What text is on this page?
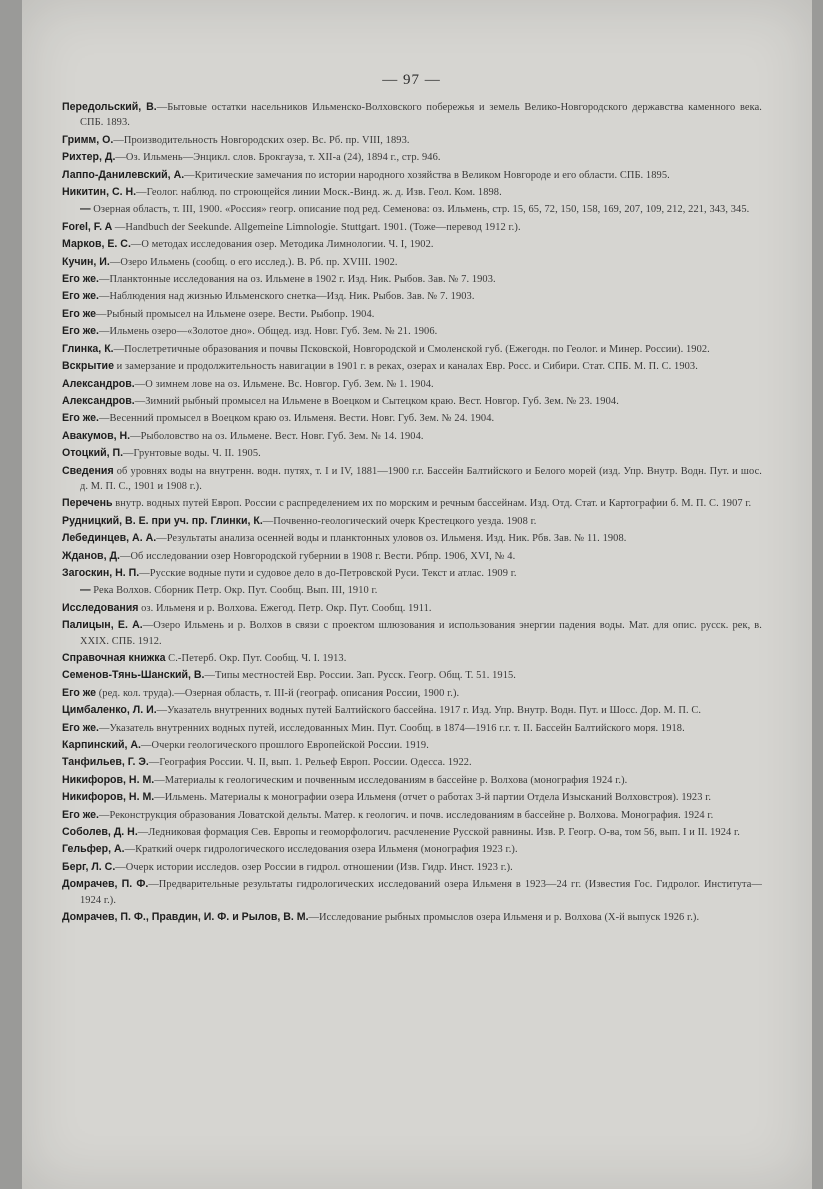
— 97 —
Передольский, В.—Бытовые остатки насельников Ильменско-Волховского побережья и земель Велико-Новгородского державства каменного века. СПБ. 1893.
Гримм, О.—Производительность Новгородских озер. Вс. Рб. пр. VIII, 1893.
Рихтер, Д.—Оз. Ильмень—Энцикл. слов. Брокгауза, т. XII-а (24), 1894 г., стр. 946.
Лаппо-Данилевский, А.—Критические замечания по истории народного хозяйства в Великом Новгороде и его области. СПБ. 1895.
Никитин, С. Н.—Геолог. наблюд. по строющейся линии Моск.-Винд. ж. д. Изв. Геол. Ком. 1898.
— Озерная область, т. III, 1900. «Россия» геогр. описание под ред. Семенова: оз. Ильмень, стр. 15, 65, 72, 150, 158, 169, 207, 109, 212, 221, 343, 345.
Forel, F. A —Handbuch der Seekunde. Allgemeine Limnologie. Stuttgart. 1901. (Тоже—перевод 1912 г.).
Марков, Е. С.—О методах исследования озер. Методика Лимнологии. Ч. I, 1902.
Кучин, И.—Озеро Ильмень (сообщ. о его исслед.). В. Рб. пр. XVIII. 1902.
Его же.—Планктонные исследования на оз. Ильмене в 1902 г. Изд. Ник. Рыбов. Зав. № 7. 1903.
Его же.—Наблюдения над жизнью Ильменского снетка—Изд. Ник. Рыбов. Зав. № 7. 1903.
Его же—Рыбный промысел на Ильмене озере. Вести. Рыбопр. 1904.
Его же.—Ильмень озеро—«Золотое дно». Общед. изд. Новг. Губ. Зем. № 21. 1906.
Глинка, К.—Послетретичные образования и почвы Псковской, Новгородской и Смоленской губ. (Ежегодн. по Геолог. и Минер. России). 1902.
Вскрытие и замерзание и продолжительность навигации в 1901 г. в реках, озерах и каналах Евр. Росс. и Сибири. Стат. СПБ. М. П. С. 1903.
Александров.—О зимнем лове на оз. Ильмене. Вс. Новгор. Губ. Зем. № 1. 1904.
Александров.—Зимний рыбный промысел на Ильмене в Воецком и Сытецком краю. Вест. Новгор. Губ. Зем. № 23. 1904.
Его же.—Весенний промысел в Воецком краю оз. Ильменя. Вести. Новг. Губ. Зем. № 24. 1904.
Авакумов, Н.—Рыболовство на оз. Ильмене. Вест. Новг. Губ. Зем. № 14. 1904.
Отоцкий, П.—Грунтовые воды. Ч. II. 1905.
Сведения об уровнях воды на внутренн. водн. путях, т. I и IV, 1881—1900 г.г. Бассейн Балтийского и Белого морей (изд. Упр. Внутр. Водн. Пут. и шос. д. М. П. С., 1901 и 1908 г.).
Перечень внутр. водных путей Европ. России с распределением их по морским и речным бассейнам. Изд. Отд. Стат. и Картографии б. М. П. С. 1907 г.
Рудницкий, В. Е. при уч. пр. Глинки, К.—Почвенно-геологический очерк Крестецкого уезда. 1908 г.
Лебединцев, А. А.—Результаты анализа осенней воды и планктонных уловов оз. Ильменя. Изд. Ник. Рбв. Зав. № 11. 1908.
Жданов, Д.—Об исследовании озер Новгородской губернии в 1908 г. Вести. Рбпр. 1906, XVI, № 4.
Загоскин, Н. П.—Русские водные пути и судовое дело в до-Петровской Руси. Текст и атлас. 1909 г.
— Река Волхов. Сборник Петр. Окр. Пут. Сообщ. Вып. III, 1910 г.
Исследования оз. Ильменя и р. Волхова. Ежегод. Петр. Окр. Пут. Сообщ. 1911.
Палицын, Е. А.—Озеро Ильмень и р. Волхов в связи с проектом шлюзования и использования энергии падения воды. Мат. для опис. русск. рек, в. XXIX. СПБ. 1912.
Справочная книжка С.-Петерб. Окр. Пут. Сообщ. Ч. I. 1913.
Семенов-Тянь-Шанский, В.—Типы местностей Евр. России. Зап. Русск. Геогр. Общ. Т. 51. 1915.
Его же (ред. кол. труда).—Озерная область, т. III-й (географ. описания России, 1900 г.).
Цимбаленко, Л. И.—Указатель внутренних водных путей Балтийского бассейна. 1917 г. Изд. Упр. Внутр. Водн. Пут. и Шосс. Дор. М. П. С.
Его же.—Указатель внутренних водных путей, исследованных Мин. Пут. Сообщ. в 1874—1916 г.г. т. II. Бассейн Балтийского моря. 1918.
Карпинский, А.—Очерки геологического прошлого Европейской России. 1919.
Танфильев, Г. Э.—География России. Ч. II, вып. 1. Рельеф Европ. России. Одесса. 1922.
Никифоров, Н. М.—Материалы к геологическим и почвенным исследованиям в бассейне р. Волхова (монография 1924 г.).
Никифоров, Н. М.—Ильмень. Материалы к монографии озера Ильменя (отчет о работах 3-й партии Отдела Изысканий Волховстроя). 1923 г.
Его же.—Реконструкция образования Ловатской дельты. Матер. к геологич. и почв. исследованиям в бассейне р. Волхова. Монография. 1924 г.
Соболев, Д. Н.—Ледниковая формация Сев. Европы и геоморфологич. расчленение Русской равнины. Изв. Р. Геогр. О-ва, том 56, вып. I и II. 1924 г.
Гельфер, А.—Краткий очерк гидрологического исследования озера Ильменя (монография 1923 г.).
Берг, Л. С.—Очерк истории исследов. озер России в гидрол. отношении (Изв. Гидр. Инст. 1923 г.).
Домрачев, П. Ф.—Предварительные результаты гидрологических исследований озера Ильменя в 1923—24 гг. (Известия Гос. Гидролог. Института—1924 г.).
Домрачев, П. Ф., Правдин, И. Ф. и Рылов, В. М.—Исследование рыбных промыслов озера Ильменя и р. Волхова (Х-й выпуск 1926 г.).
